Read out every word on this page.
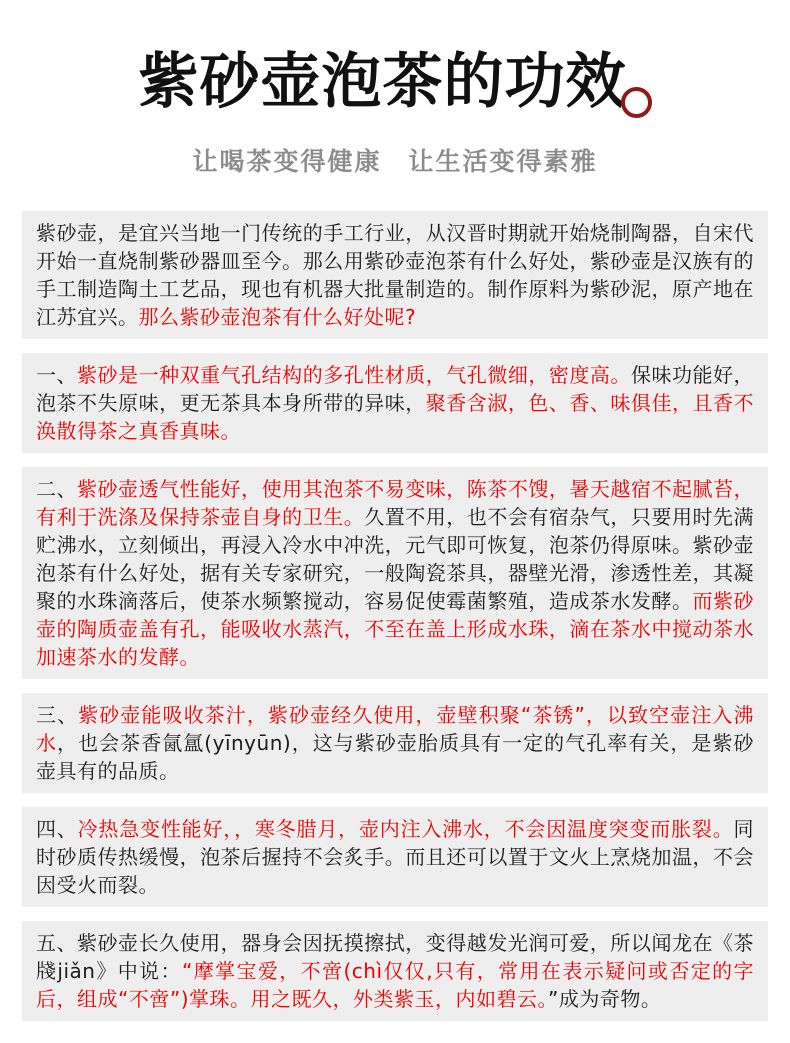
紫砂壶泡茶的功效
让喝茶变得健康　让生活变得素雅

紫砂壶，是宜兴当地一门传统的手工行业，从汉晋时期就开始烧制陶器，自宋代开始一直烧制紫砂器皿至今。那么用紫砂壶泡茶有什么好处，紫砂壶是汉族有的手工制造陶土工艺品，现也有机器大批量制造的。制作原料为紫砂泥，原产地在江苏宜兴。那么紫砂壶泡茶有什么好处呢?

一、紫砂是一种双重气孔结构的多孔性材质，气孔微细，密度高。保味功能好，泡茶不失原味，更无茶具本身所带的异味，聚香含淑，色、香、味俱佳，且香不涣散得茶之真香真味。

二、紫砂壶透气性能好，使用其泡茶不易变味，陈茶不馊，暑天越宿不起腻苔，有利于洗涤及保持茶壶自身的卫生。久置不用，也不会有宿杂气，只要用时先满贮沸水，立刻倾出，再浸入冷水中冲洗，元气即可恢复，泡茶仍得原味。紫砂壶泡茶有什么好处，据有关专家研究，一般陶瓷茶具，器壁光滑，渗透性差，其凝聚的水珠滴落后，使茶水频繁搅动，容易促使霉菌繁殖，造成茶水发酵。而紫砂壶的陶质壶盖有孔，能吸收水蒸汽，不至在盖上形成水珠，滴在茶水中搅动茶水加速茶水的发酵。

三、紫砂壶能吸收茶汁，紫砂壶经久使用，壶壁积聚“茶锈”，以致空壶注入沸水，也会茶香氤氲(yīnyūn)，这与紫砂壶胎质具有一定的气孔率有关，是紫砂壶具有的品质。

四、冷热急变性能好，，寒冬腊月，壶内注入沸水，不会因温度突变而胀裂。同时砂质传热缓慢，泡茶后握持不会炙手。而且还可以置于文火上烹烧加温，不会因受火而裂。

五、紫砂壶长久使用，器身会因抚摸擦拭，变得越发光润可爱，所以闻龙在《茶牋jiǎn》中说：“摩掌宝爱，不啻(chì仅仅,只有，常用在表示疑问或否定的字后，组成“不啻”)掌珠。用之既久，外类紫玉，内如碧云。”成为奇物。
